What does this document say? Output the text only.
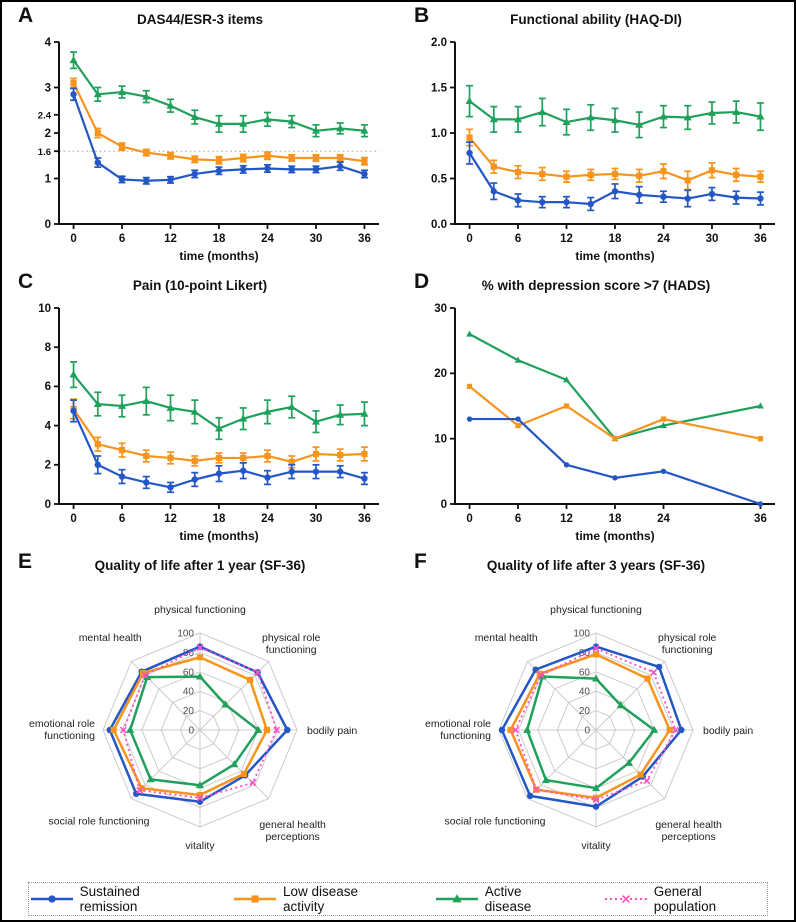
A	DAS44/ESR-3 items
0
1
1.6
2
2.4
3
4
0	6	12	18	24	30	36
time (months)
B	Functional ability (HAQ-DI)
0.0
0.5
1.0
1.5
2.0
0	6	12	18	24	30	36
time (months)
C	Pain (10-point Likert)
0
2
4
6
8
10
0	6	12	18	24	30	36
time (months)
D	% with depression score >7 (HADS)
0
10
20
30
0	6	12	18	24	36
time (months)
E	Quality of life after 1 year (SF-36)
0
20
40
60
80
100
physical functioning
physical role functioning
bodily pain
general health perceptions
vitality
social role functioning
emotional role functioning
mental health
F	Quality of life after 3 years (SF-36)
0
20
40
60
80
100
physical functioning
physical role functioning
bodily pain
general health perceptions
vitality
social role functioning
emotional role functioning
mental health
Sustained remission
Low disease activity
Active disease
General population
